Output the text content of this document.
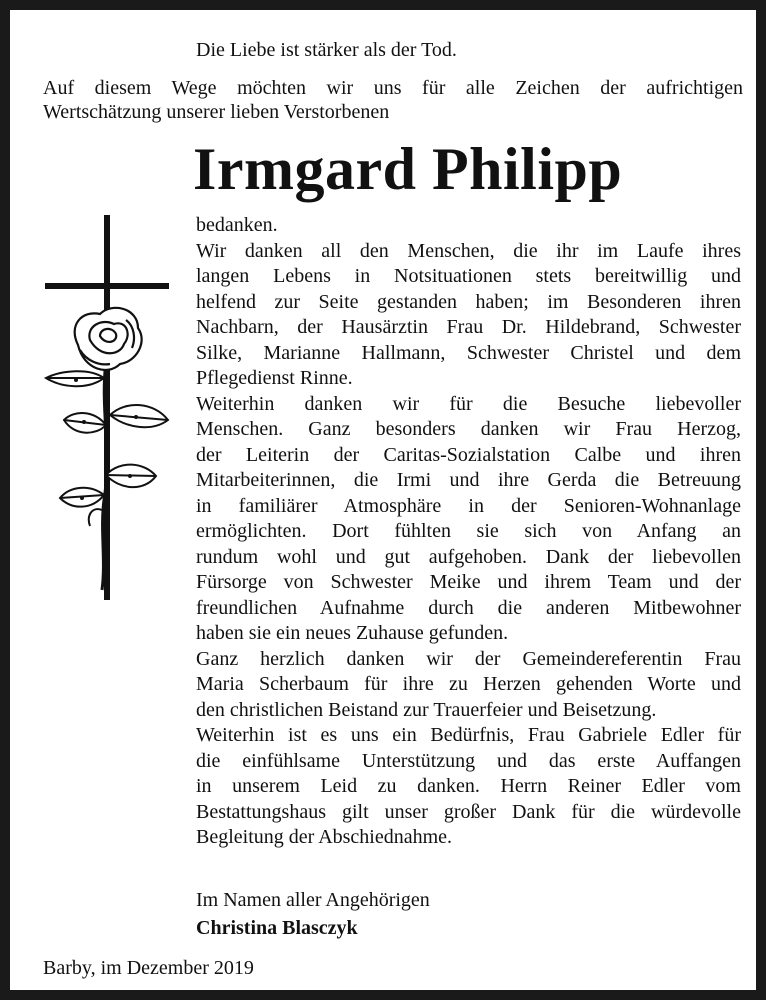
Die Liebe ist stärker als der Tod.
Auf diesem Wege möchten wir uns für alle Zeichen der aufrichtigen
Wertschätzung unserer lieben Verstorbenen
Irmgard Philipp
bedanken.
Wir danken all den Menschen, die ihr im Laufe ihres
langen Lebens in Notsituationen stets bereitwillig und
helfend zur Seite gestanden haben; im Besonderen ihren
Nachbarn, der Hausärztin Frau Dr. Hildebrand, Schwester
Silke, Marianne Hallmann, Schwester Christel und dem
Pflegedienst Rinne.
Weiterhin danken wir für die Besuche liebevoller
Menschen. Ganz besonders danken wir Frau Herzog,
der Leiterin der Caritas-Sozialstation Calbe und ihren
Mitarbeiterinnen, die Irmi und ihre Gerda die Betreuung
in familiärer Atmosphäre in der Senioren-Wohnanlage
ermöglichten. Dort fühlten sie sich von Anfang an
rundum wohl und gut aufgehoben. Dank der liebevollen
Fürsorge von Schwester Meike und ihrem Team und der
freundlichen Aufnahme durch die anderen Mitbewohner
haben sie ein neues Zuhause gefunden.
Ganz herzlich danken wir der Gemeindereferentin Frau
Maria Scherbaum für ihre zu Herzen gehenden Worte und
den christlichen Beistand zur Trauerfeier und Beisetzung.
Weiterhin ist es uns ein Bedürfnis, Frau Gabriele Edler für
die einfühlsame Unterstützung und das erste Auffangen
in unserem Leid zu danken. Herrn Reiner Edler vom
Bestattungshaus gilt unser großer Dank für die würdevolle
Begleitung der Abschiednahme.
Im Namen aller Angehörigen
Christina Blasczyk
Barby, im Dezember 2019
